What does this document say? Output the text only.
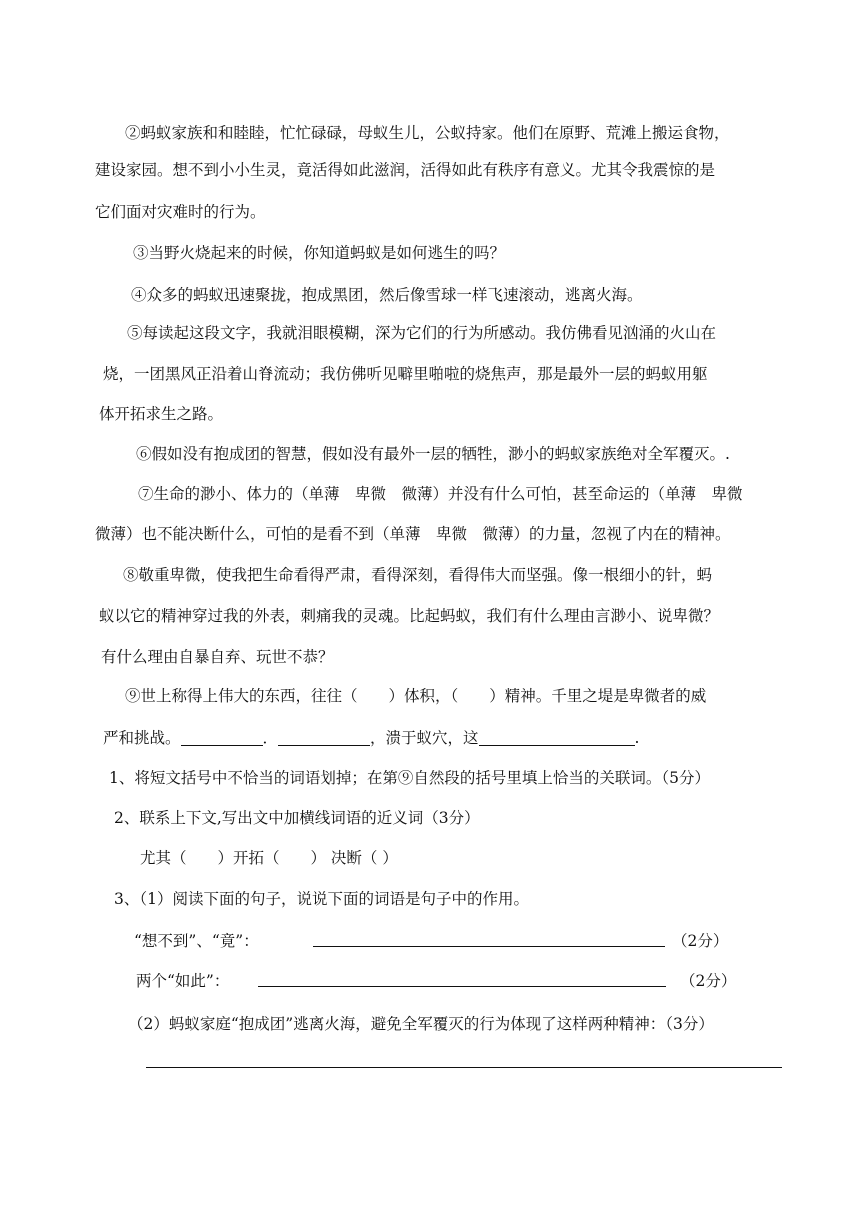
②蚂蚁家族和和睦睦，忙忙碌碌，母蚁生儿，公蚁持家。他们在原野、荒滩上搬运食物，
建设家园。想不到小小生灵，竟活得如此滋润，活得如此有秩序有意义。尤其令我震惊的是
它们面对灾难时的行为。
③当野火烧起来的时候，你知道蚂蚁是如何逃生的吗？
④众多的蚂蚁迅速聚拢，抱成黑团，然后像雪球一样飞速滚动，逃离火海。
⑤每读起这段文字，我就泪眼模糊，深为它们的行为所感动。我仿佛看见汹涌的火山在
烧，一团黑风正沿着山脊流动；我仿佛听见噼里啪啦的烧焦声，那是最外一层的蚂蚁用躯
体开拓求生之路。
⑥假如没有抱成团的智慧，假如没有最外一层的牺牲，渺小的蚂蚁家族绝对全军覆灭。.
⑦生命的渺小、体力的（单薄　卑微　微薄）并没有什么可怕，甚至命运的（单薄　卑微
微薄）也不能决断什么，可怕的是看不到（单薄　卑微　微薄）的力量，忽视了内在的精神。
⑧敬重卑微，使我把生命看得严肃，看得深刻，看得伟大而坚强。像一根细小的针，蚂
蚁以它的精神穿过我的外表，刺痛我的灵魂。比起蚂蚁，我们有什么理由言渺小、说卑微？
有什么理由自暴自弃、玩世不恭？
⑨世上称得上伟大的东西，往往（　　）体积，（　　）精神。千里之堤是卑微者的威
严和挑战。	．	，溃于蚁穴，这	.
1、将短文括号中不恰当的词语划掉；在第⑨自然段的括号里填上恰当的关联词。（5分）
2、联系上下文,写出文中加横线词语的近义词（3分）
尤其（　　）开拓（　　） 决断（ ）
3、（1）阅读下面的句子，说说下面的词语是句子中的作用。
“想不到”、“竟”：	（2分）
两个“如此”：	（2分）
（2）蚂蚁家庭“抱成团”逃离火海，避免全军覆灭的行为体现了这样两种精神：（3分）
